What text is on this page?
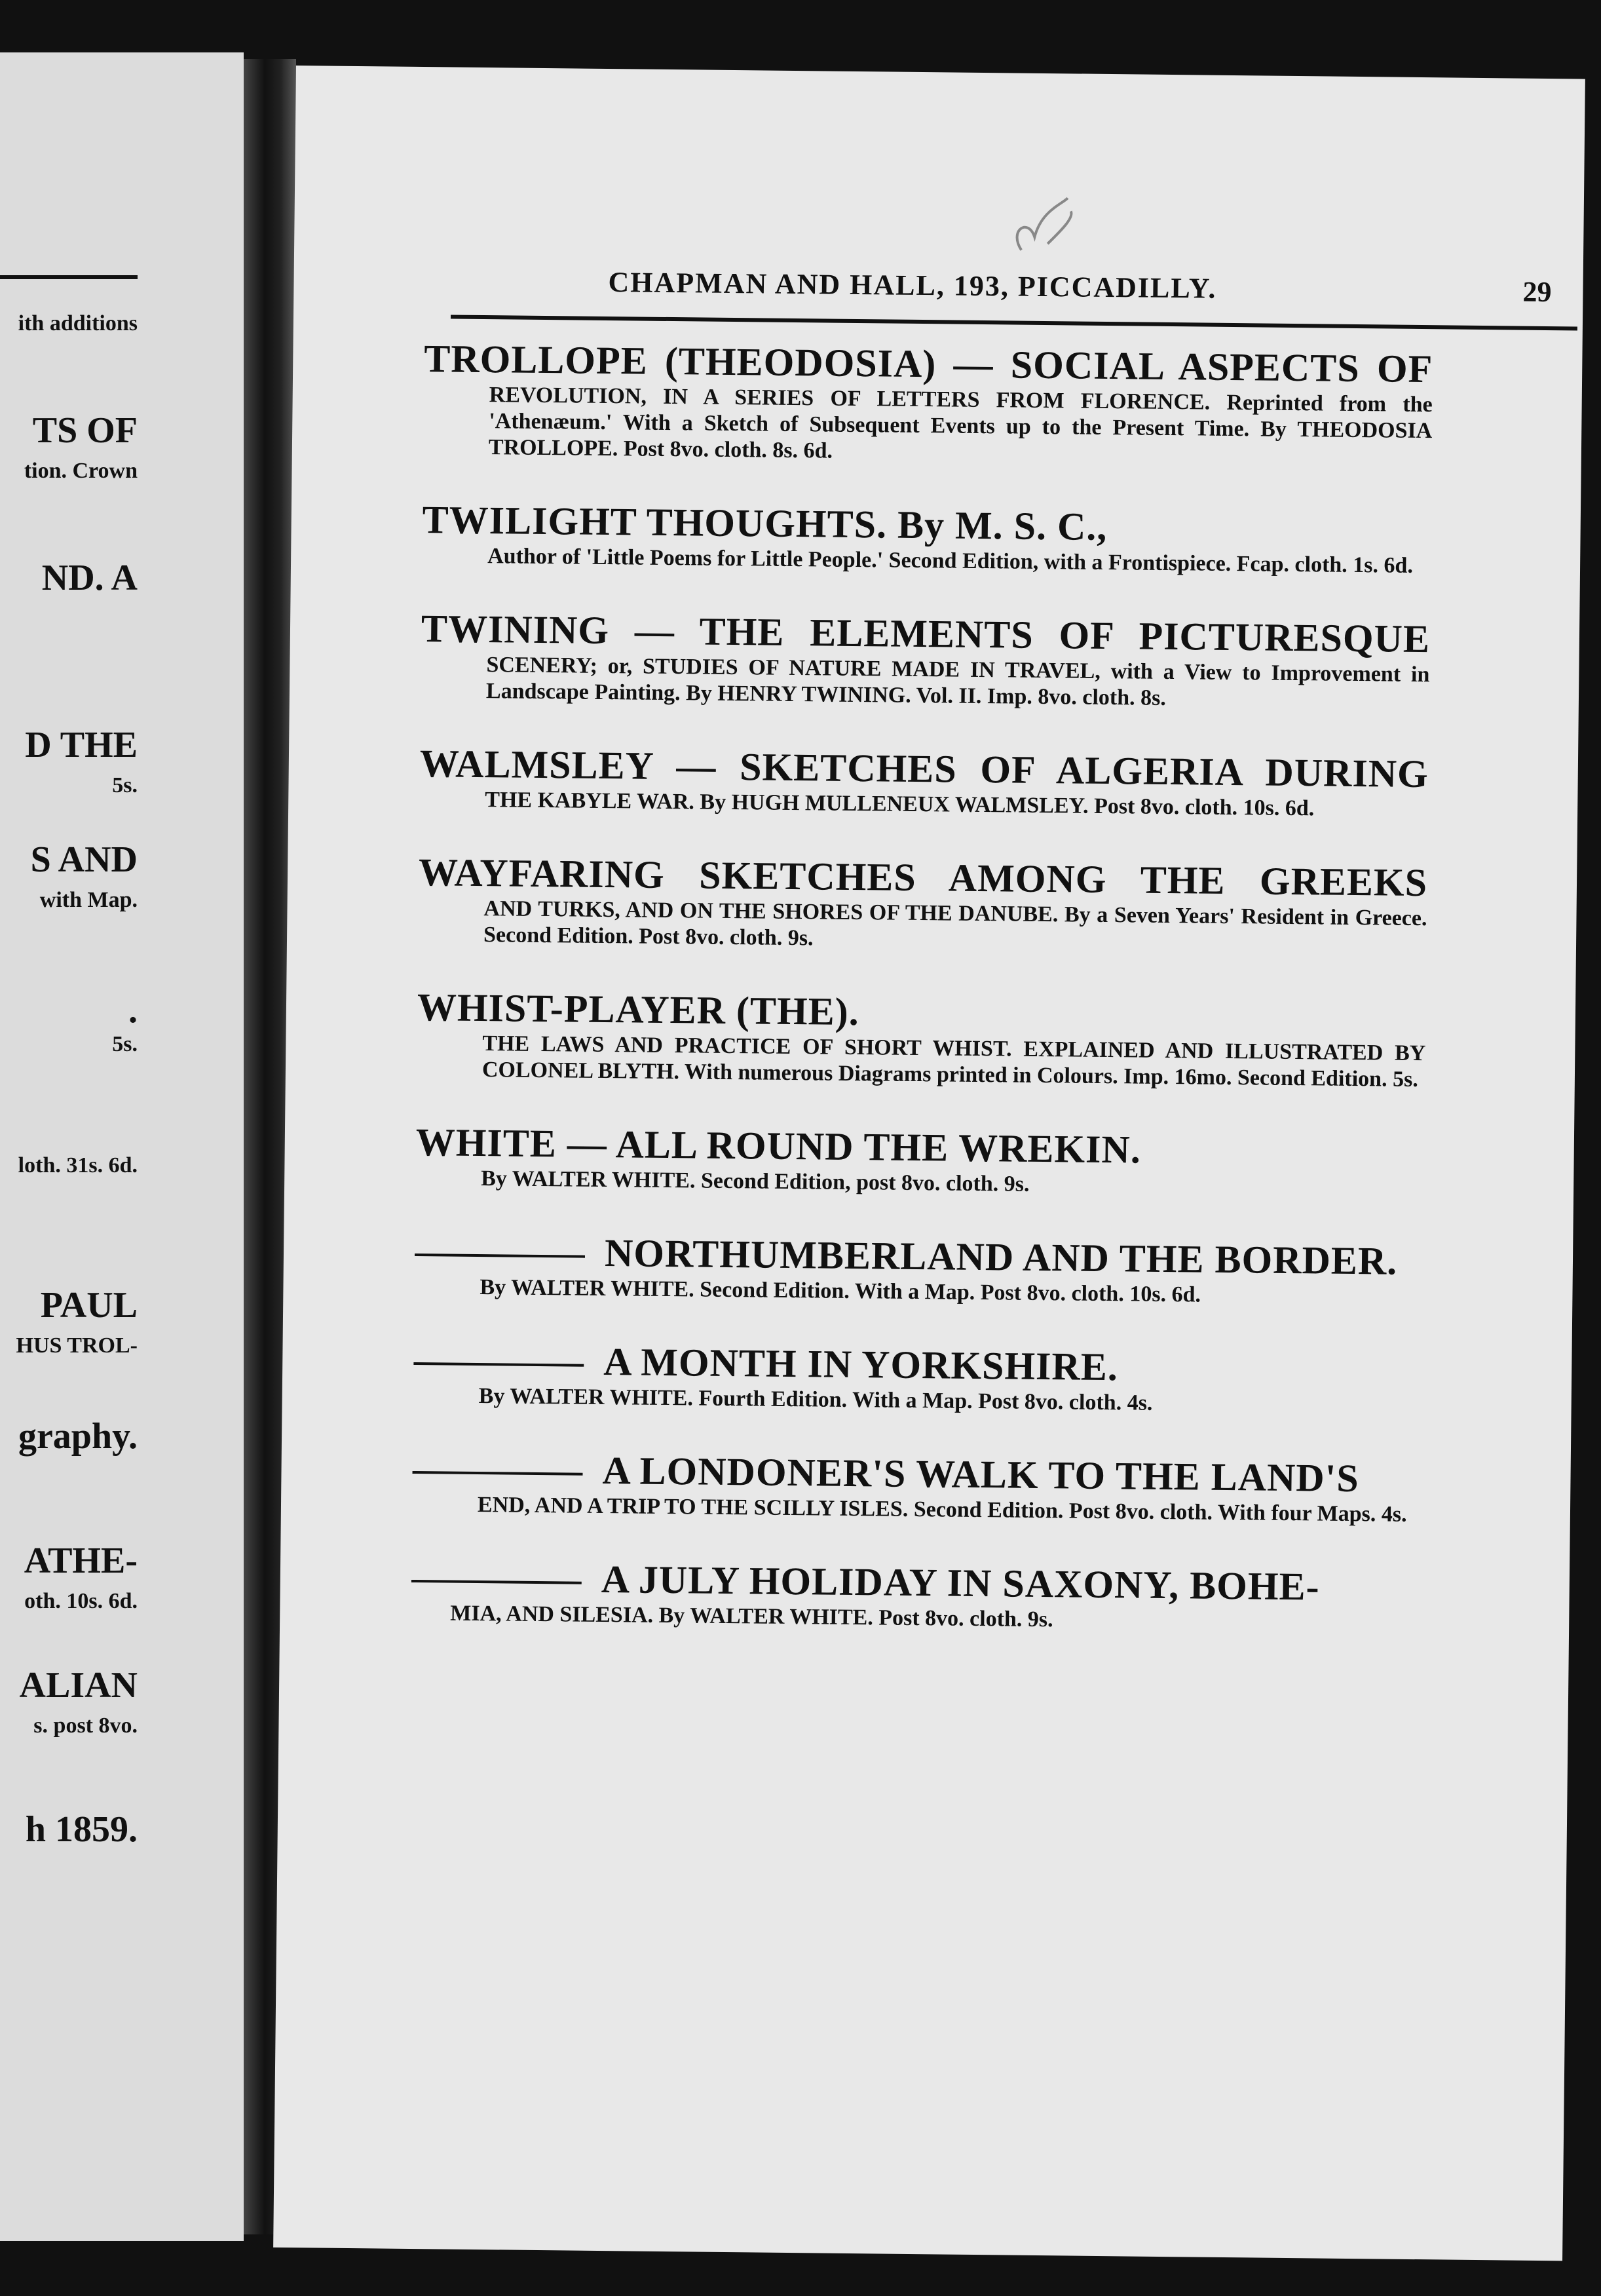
ith additions
TS OF
tion. Crown
ND. A
D THE
5s.
S AND
with Map.
.
5s.
loth. 31s. 6d.
PAUL
HUS TROL-
graphy.
ATHE-
oth. 10s. 6d.
ALIAN
s. post 8vo.
h 1859.
CHAPMAN AND HALL, 193, PICCADILLY.	29
TROLLOPE (THEODOSIA) — SOCIAL ASPECTS OF
REVOLUTION, IN A SERIES OF LETTERS FROM FLORENCE. Reprinted from the 'Athenæum.' With a Sketch of Subsequent Events up to the Present Time. By THEODOSIA TROLLOPE. Post 8vo. cloth. 8s. 6d.
TWILIGHT THOUGHTS. By M. S. C.,
Author of 'Little Poems for Little People.' Second Edition, with a Frontispiece. Fcap. cloth. 1s. 6d.
TWINING — THE ELEMENTS OF PICTURESQUE
SCENERY; or, STUDIES OF NATURE MADE IN TRAVEL, with a View to Improvement in Landscape Painting. By HENRY TWINING. Vol. II. Imp. 8vo. cloth. 8s.
WALMSLEY — SKETCHES OF ALGERIA DURING
THE KABYLE WAR. By HUGH MULLENEUX WALMSLEY. Post 8vo. cloth. 10s. 6d.
WAYFARING SKETCHES AMONG THE GREEKS
AND TURKS, AND ON THE SHORES OF THE DANUBE. By a Seven Years' Resident in Greece. Second Edition. Post 8vo. cloth. 9s.
WHIST-PLAYER (THE).
THE LAWS AND PRACTICE OF SHORT WHIST. EXPLAINED AND ILLUSTRATED BY COLONEL BLYTH. With numerous Diagrams printed in Colours. Imp. 16mo. Second Edition. 5s.
WHITE — ALL ROUND THE WREKIN.
By WALTER WHITE. Second Edition, post 8vo. cloth. 9s.
NORTHUMBERLAND AND THE BORDER.
By WALTER WHITE. Second Edition. With a Map. Post 8vo. cloth. 10s. 6d.
A MONTH IN YORKSHIRE.
By WALTER WHITE. Fourth Edition. With a Map. Post 8vo. cloth. 4s.
A LONDONER'S WALK TO THE LAND'S
END, AND A TRIP TO THE SCILLY ISLES. Second Edition. Post 8vo. cloth. With four Maps. 4s.
A JULY HOLIDAY IN SAXONY, BOHE-
MIA, AND SILESIA. By WALTER WHITE. Post 8vo. cloth. 9s.
